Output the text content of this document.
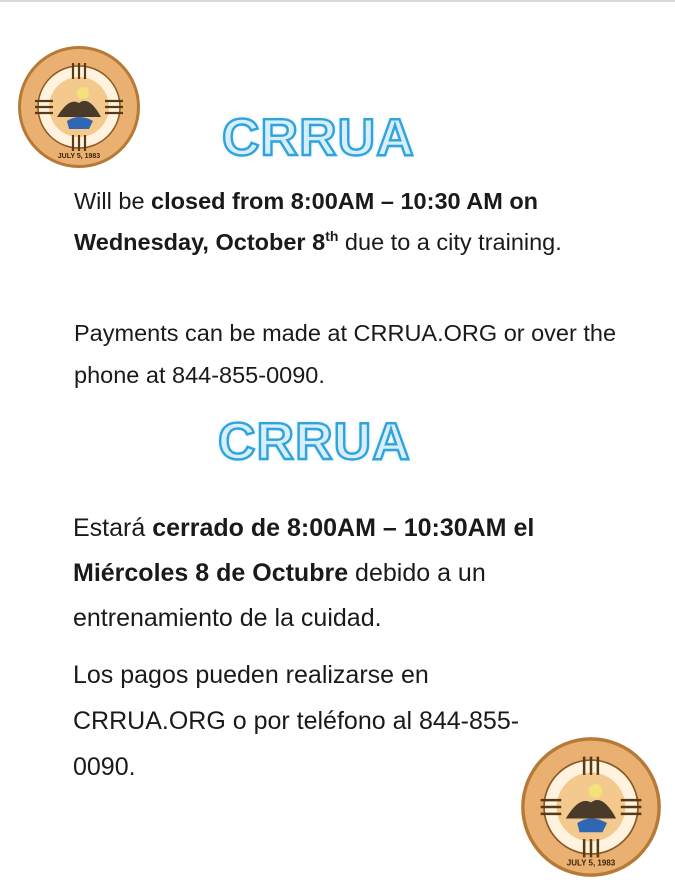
JULY 5, 1983 CRRUA
Will be closed from 8:00AM – 10:30 AM on Wednesday, October 8th due to a city training.
Payments can be made at CRRUA.ORG or over the phone at 844-855-0090.
CRRUA
Estará cerrado de 8:00AM – 10:30AM el Miércoles 8 de Octubre debido a un entrenamiento de la cuidad.
Los pagos pueden realizarse en CRRUA.ORG o por teléfono al 844-855-0090.
JULY 5, 1983
